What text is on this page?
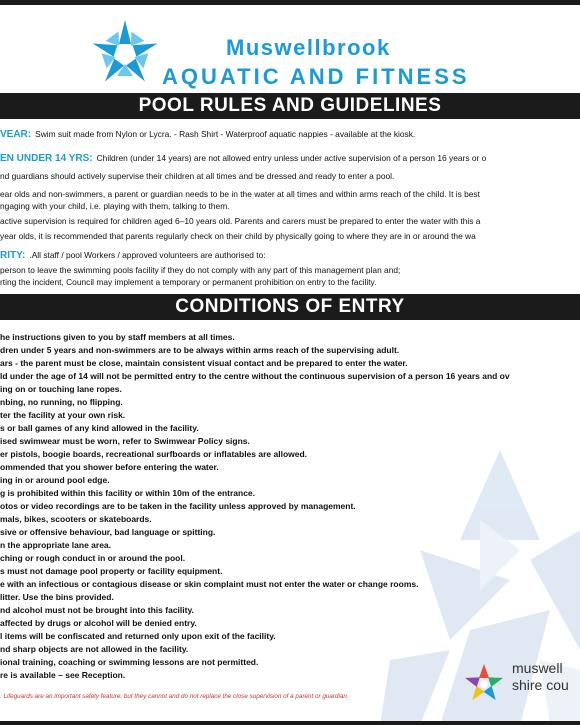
Muswellbrook
AQUATIC AND FITNESS
POOL RULES AND GUIDELINES
VEAR: Swim suit made from Nylon or Lycra. - Rash Shirt - Waterproof aquatic nappies - available at the kiosk.
EN UNDER 14 YRS: Children (under 14 years) are not allowed entry unless under active supervision of a person 16 years or o
nd guardians should actively supervise their children at all times and be dressed and ready to enter a pool.
ear olds and non-swimmers, a parent or guardian needs to be in the water at all times and within arms reach of the child. It is best
ngaging with your child, i.e. playing with them, talking to them.
active supervision is required for children aged 6–10 years old. Parents and carers must be prepared to enter the water with this a
year olds, it is recommended that parents regularly check on their child by physically going to where they are in or around the wa
RITY: .All staff / pool Workers / approved volunteers are authorised to:
person to leave the swimming pools facility if they do not comply with any part of this management plan and;
rting the incident, Council may implement a temporary or permanent prohibition on entry to the facility.
CONDITIONS OF ENTRY
he instructions given to you by staff members at all times.
dren under 5 years and non-swimmers are to be always within arms reach of the supervising adult.
ars - the parent must be close, maintain consistent visual contact and be prepared to enter the water.
ld under the age of 14 will not be permitted entry to the centre without the continuous supervision of a person 16 years and ov
ing on or touching lane ropes.
nbing, no running, no flipping.
ter the facility at your own risk.
s or ball games of any kind allowed in the facility.
ised swimwear must be worn, refer to Swimwear Policy signs.
er pistols, boogie boards, recreational surfboards or inflatables are allowed.
ommended that you shower before entering the water.
ing in or around pool edge.
g is prohibited within this facility or within 10m of the entrance.
otos or video recordings are to be taken in the facility unless approved by management.
mals, bikes, scooters or skateboards.
sive or offensive behaviour, bad language or spitting.
n the appropriate lane area.
ching or rough conduct in or around the pool.
s must not damage pool property or facility equipment.
e with an infectious or contagious disease or skin complaint must not enter the water or change rooms.
litter. Use the bins provided.
nd alcohol must not be brought into this facility.
affected by drugs or alcohol will be denied entry.
l items will be confiscated and returned only upon exit of the facility.
nd sharp objects are not allowed in the facility.
ional training, coaching or swimming lessons are not permitted.
re is available – see Reception.
: Lifeguards are an important safety feature, but they cannot and do not replace the close supervision of a parent or guardian.
muswell
shire cou
